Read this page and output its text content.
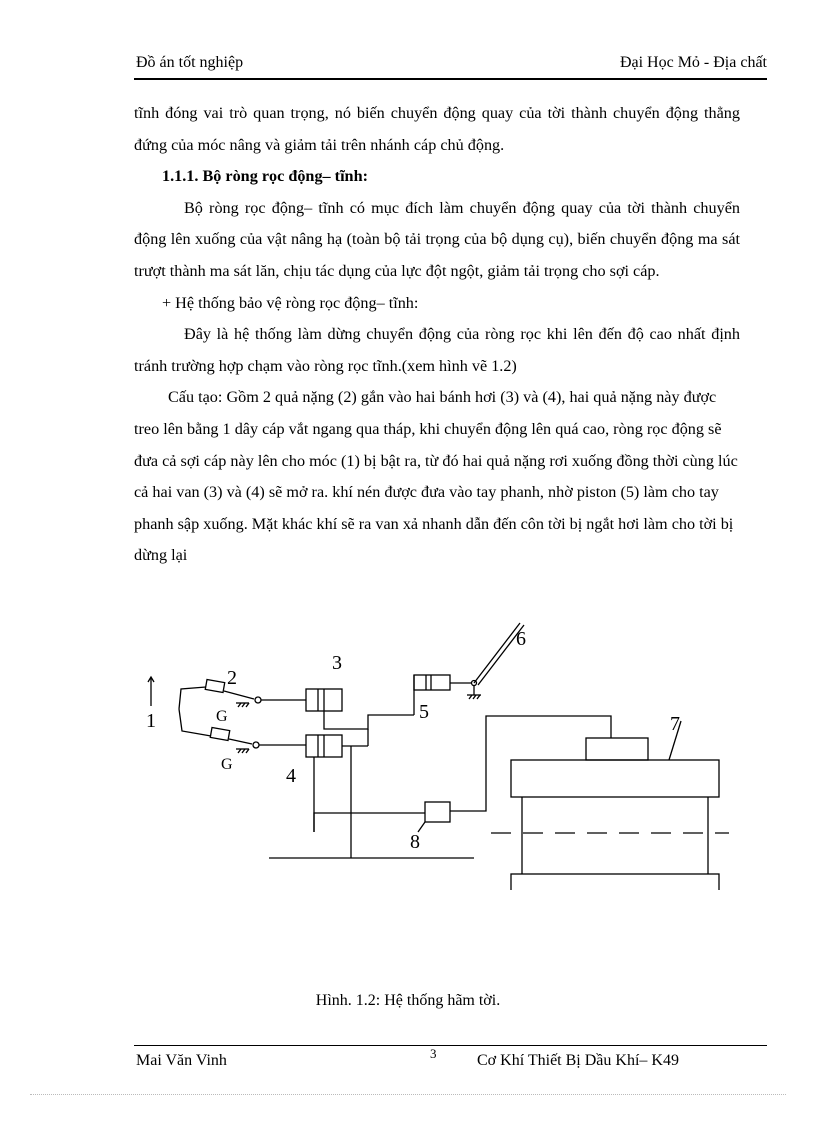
Đồ án tốt nghiệp	Đại Học Mỏ - Địa chất

tĩnh đóng vai trò quan trọng, nó biến chuyển động quay của tời thành chuyển động thẳng đứng của móc nâng và giảm tải trên nhánh cáp chủ động.

1.1.1. Bộ ròng rọc động– tĩnh:

Bộ ròng rọc động– tĩnh có mục đích làm chuyển động quay của tời thành chuyển động lên xuống của vật nâng hạ (toàn bộ tải trọng của bộ dụng cụ), biến chuyển động ma sát trượt thành ma sát lăn, chịu tác dụng của lực đột ngột, giảm tải trọng cho sợi cáp.

+ Hệ thống bảo vệ ròng rọc động– tĩnh:

Đây là hệ thống làm dừng chuyển động của ròng rọc khi lên đến độ cao nhất định tránh trường hợp chạm vào ròng rọc tĩnh.(xem hình vẽ 1.2)

Cấu tạo: Gồm 2 quả nặng (2) gắn vào hai bánh hơi (3) và (4), hai quả nặng này được treo lên bằng 1 dây cáp vắt ngang qua tháp, khi chuyển động lên quá cao, ròng rọc động sẽ đưa cả sợi cáp này lên cho móc (1) bị bật ra, từ đó hai quả nặng rơi xuống đồng thời cùng lúc cả hai van (3) và (4) sẽ mở ra. khí nén được đưa vào tay phanh, nhờ piston (5) làm cho tay phanh sập xuống. Mặt khác khí sẽ ra van xả nhanh dẫn đến côn tời bị ngắt hơi làm cho tời bị dừng lại

1
2
3
4
5
6
7
8
G
G
Hình. 1.2: Hệ thống hãm tời.
Mai Văn Vinh	3	Cơ Khí Thiết Bị Dầu Khí– K49
